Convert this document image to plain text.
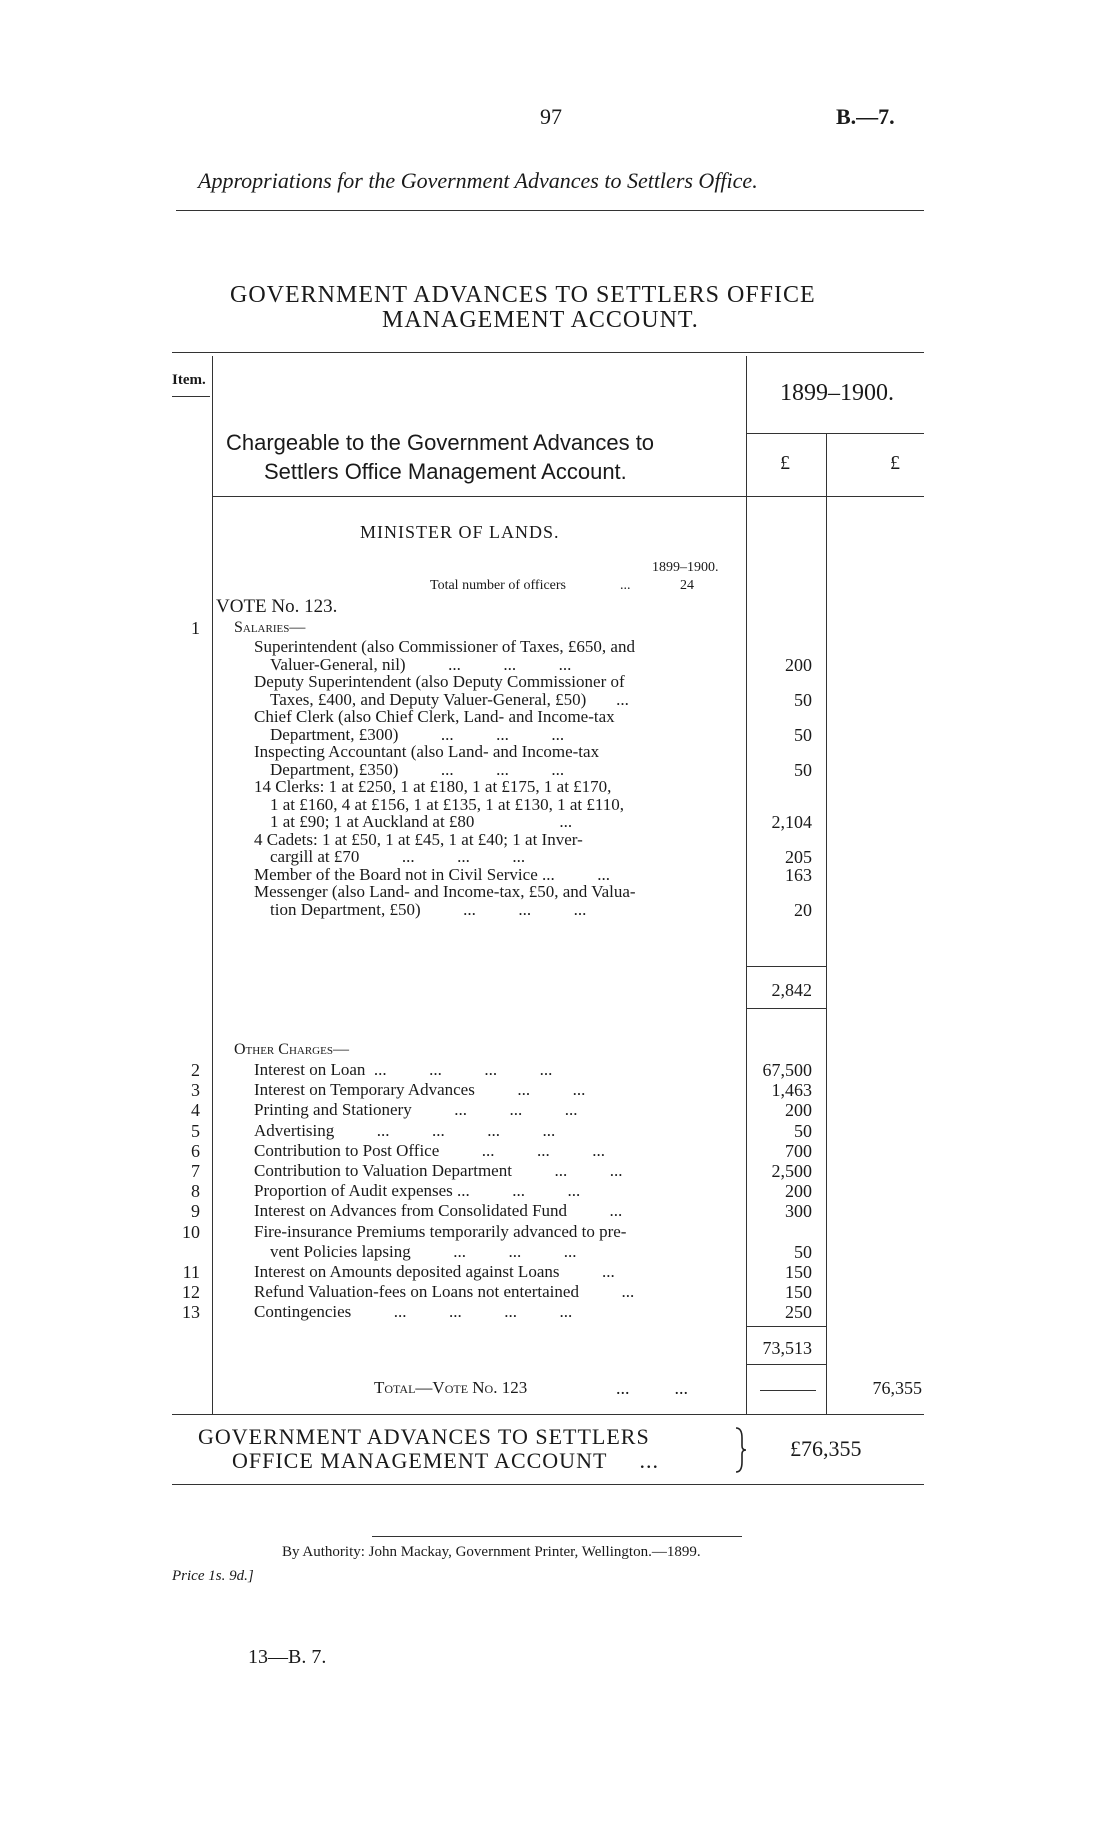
97	B.—7.
Appropriations for the Government Advances to Settlers Office.
GOVERNMENT ADVANCES TO SETTLERS OFFICE
MANAGEMENT ACCOUNT.
Item.	1899–1900.
Chargeable to the Government Advances to
Settlers Office Management Account.	£	£
MINISTER OF LANDS.
1899–1900.
Total number of officers	...	24
VOTE No. 123.
1 Salaries—
Superintendent (also Commissioner of Taxes, £650, and
Valuer-General, nil)          ...          ...          ...	200
Deputy Superintendent (also Deputy Commissioner of
Taxes, £400, and Deputy Valuer-General, £50)       ...	50
Chief Clerk (also Chief Clerk, Land- and Income-tax
Department, £300)          ...          ...          ...	50
Inspecting Accountant (also Land- and Income-tax
Department, £350)          ...          ...          ...	50
14 Clerks: 1 at £250, 1 at £180, 1 at £175, 1 at £170,
1 at £160, 4 at £156, 1 at £135, 1 at £130, 1 at £110,
1 at £90; 1 at Auckland at £80                    ...	2,104
4 Cadets: 1 at £50, 1 at £45, 1 at £40; 1 at Inver-
cargill at £70          ...          ...          ...	205
Member of the Board not in Civil Service ...          ...	163
Messenger (also Land- and Income-tax, £50, and Valua-
tion Department, £50)          ...          ...          ...	20
2,842
Other Charges—
2	Interest on Loan  ...          ...          ...          ...	67,500
3	Interest on Temporary Advances          ...          ...	1,463
4	Printing and Stationery          ...          ...          ...	200
5	Advertising          ...          ...          ...          ...	50
6	Contribution to Post Office          ...          ...          ...	700
7	Contribution to Valuation Department          ...          ...	2,500
8	Proportion of Audit expenses ...          ...          ...	200
9	Interest on Advances from Consolidated Fund          ...	300
10	Fire-insurance Premiums temporarily advanced to pre-
vent Policies lapsing          ...          ...          ...	50
11	Interest on Amounts deposited against Loans          ...	150
12	Refund Valuation-fees on Loans not entertained          ...	150
13	Contingencies          ...          ...          ...          ...	250
73,513
Total—Vote No. 123	...          ...	76,355
GOVERNMENT ADVANCES TO SETTLERS
OFFICE MANAGEMENT ACCOUNT     ...	£76,355
By Authority: John Mackay, Government Printer, Wellington.—1899.
Price 1s. 9d.]
13—B. 7.
